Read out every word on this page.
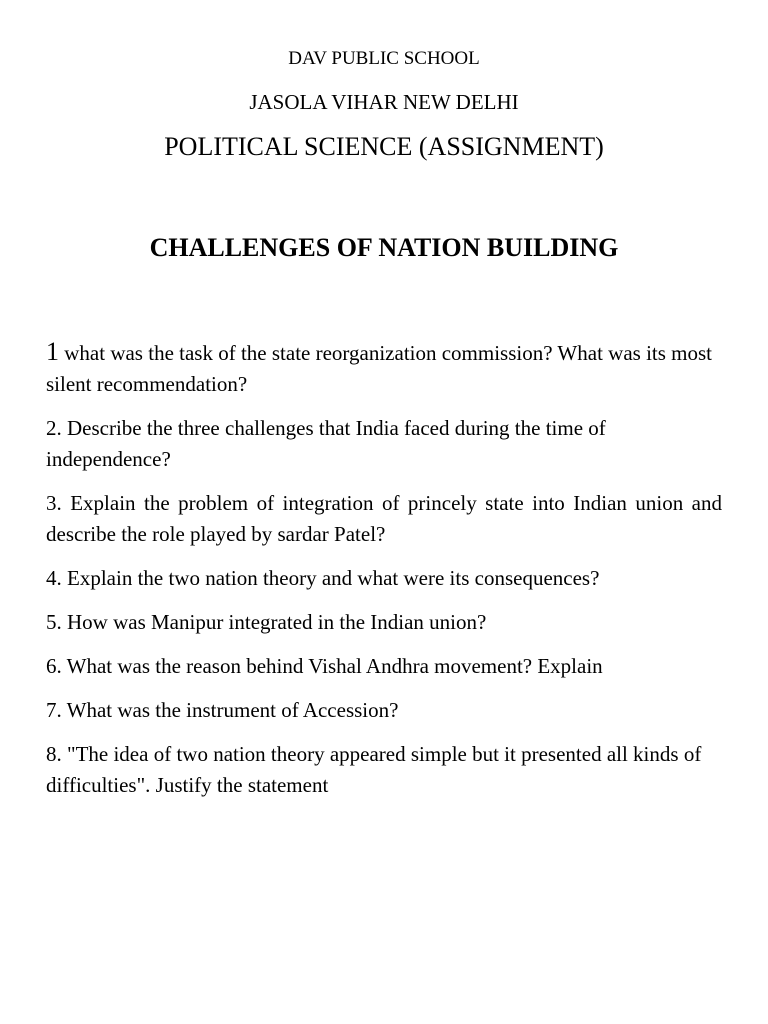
DAV PUBLIC SCHOOL
JASOLA VIHAR NEW DELHI
POLITICAL SCIENCE (ASSIGNMENT)
CHALLENGES OF NATION BUILDING

1 what was the task of the state reorganization commission? What was its most silent recommendation?

2. Describe the three challenges that India faced during the time of independence?

3. Explain the problem of integration of princely state into Indian union and describe the role played by sardar Patel?

4. Explain the two nation theory and what were its consequences?

5. How was Manipur integrated in the Indian union?

6. What was the reason behind Vishal Andhra movement? Explain

7. What was the instrument of Accession?

8. "The idea of two nation theory appeared simple but it presented all kinds of difficulties". Justify the statement
